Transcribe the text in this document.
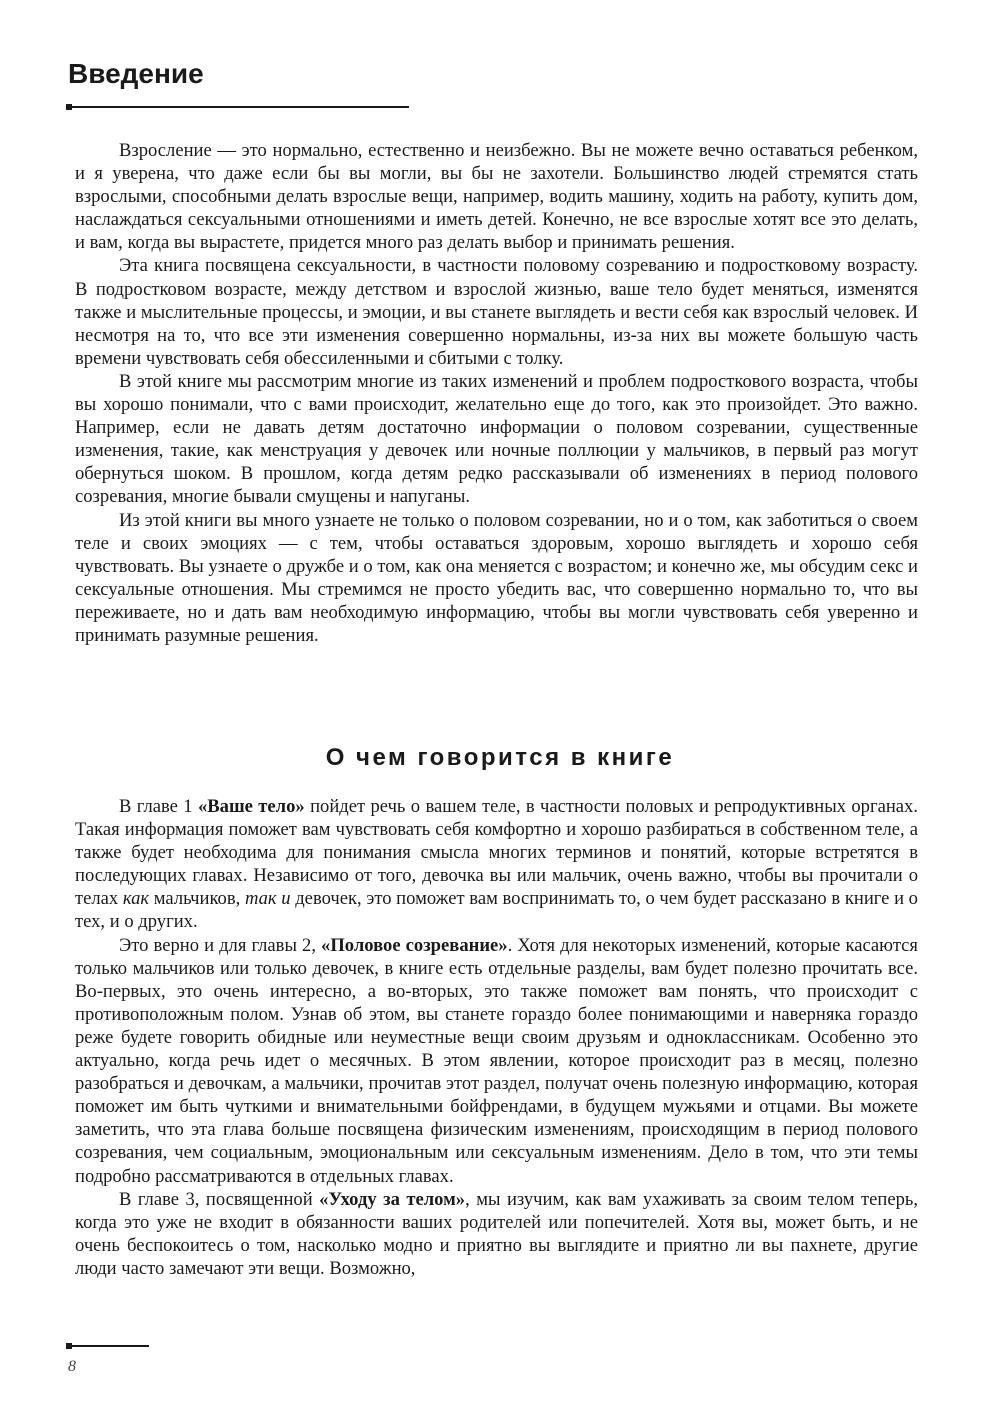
Введение

Взросление — это нормально, естественно и неизбежно. Вы не можете вечно оставаться ребенком, и я уверена, что даже если бы вы могли, вы бы не захотели. Большинство людей стремятся стать взрослыми, способными делать взрослые вещи, например, водить машину, ходить на работу, купить дом, наслаждаться сексуальными отношениями и иметь детей. Конечно, не все взрослые хотят все это делать, и вам, когда вы вырастете, придется много раз делать выбор и принимать решения.

Эта книга посвящена сексуальности, в частности половому созреванию и подростковому возрасту. В подростковом возрасте, между детством и взрослой жизнью, ваше тело будет меняться, изменятся также и мыслительные процессы, и эмоции, и вы станете выглядеть и вести себя как взрослый человек. И несмотря на то, что все эти изменения совершенно нормальны, из-за них вы можете большую часть времени чувствовать себя обессиленными и сбитыми с толку.

В этой книге мы рассмотрим многие из таких изменений и проблем подросткового возраста, чтобы вы хорошо понимали, что с вами происходит, желательно еще до того, как это произойдет. Это важно. Например, если не давать детям достаточно информации о половом созревании, существенные изменения, такие, как менструация у девочек или ночные поллюции у мальчиков, в первый раз могут обернуться шоком. В прошлом, когда детям редко рассказывали об изменениях в период полового созревания, многие бывали смущены и напуганы.

Из этой книги вы много узнаете не только о половом созревании, но и о том, как заботиться о своем теле и своих эмоциях — с тем, чтобы оставаться здоровым, хорошо выглядеть и хорошо себя чувствовать. Вы узнаете о дружбе и о том, как она меняется с возрастом; и конечно же, мы обсудим секс и сексуальные отношения. Мы стремимся не просто убедить вас, что совершенно нормально то, что вы переживаете, но и дать вам необходимую информацию, чтобы вы могли чувствовать себя уверенно и принимать разумные решения.

О чем говорится в книге

В главе 1 «Ваше тело» пойдет речь о вашем теле, в частности половых и репродуктивных органах. Такая информация поможет вам чувствовать себя комфортно и хорошо разбираться в собственном теле, а также будет необходима для понимания смысла многих терминов и понятий, которые встретятся в последующих главах. Независимо от того, девочка вы или мальчик, очень важно, чтобы вы прочитали о телах как мальчиков, так и девочек, это поможет вам воспринимать то, о чем будет рассказано в книге и о тех, и о других.

Это верно и для главы 2, «Половое созревание». Хотя для некоторых изменений, которые касаются только мальчиков или только девочек, в книге есть отдельные разделы, вам будет полезно прочитать все. Во-первых, это очень интересно, а во-вторых, это также поможет вам понять, что происходит с противоположным полом. Узнав об этом, вы станете гораздо более понимающими и наверняка гораздо реже будете говорить обидные или неуместные вещи своим друзьям и одноклассникам. Особенно это актуально, когда речь идет о месячных. В этом явлении, которое происходит раз в месяц, полезно разобраться и девочкам, а мальчики, прочитав этот раздел, получат очень полезную информацию, которая поможет им быть чуткими и внимательными бойфрендами, в будущем мужьями и отцами. Вы можете заметить, что эта глава больше посвящена физическим изменениям, происходящим в период полового созревания, чем социальным, эмоциональным или сексуальным изменениям. Дело в том, что эти темы подробно рассматриваются в отдельных главах.

В главе 3, посвященной «Уходу за телом», мы изучим, как вам ухаживать за своим телом теперь, когда это уже не входит в обязанности ваших родителей или попечителей. Хотя вы, может быть, и не очень беспокоитесь о том, насколько модно и приятно вы выглядите и приятно ли вы пахнете, другие люди часто замечают эти вещи. Возможно,

8
